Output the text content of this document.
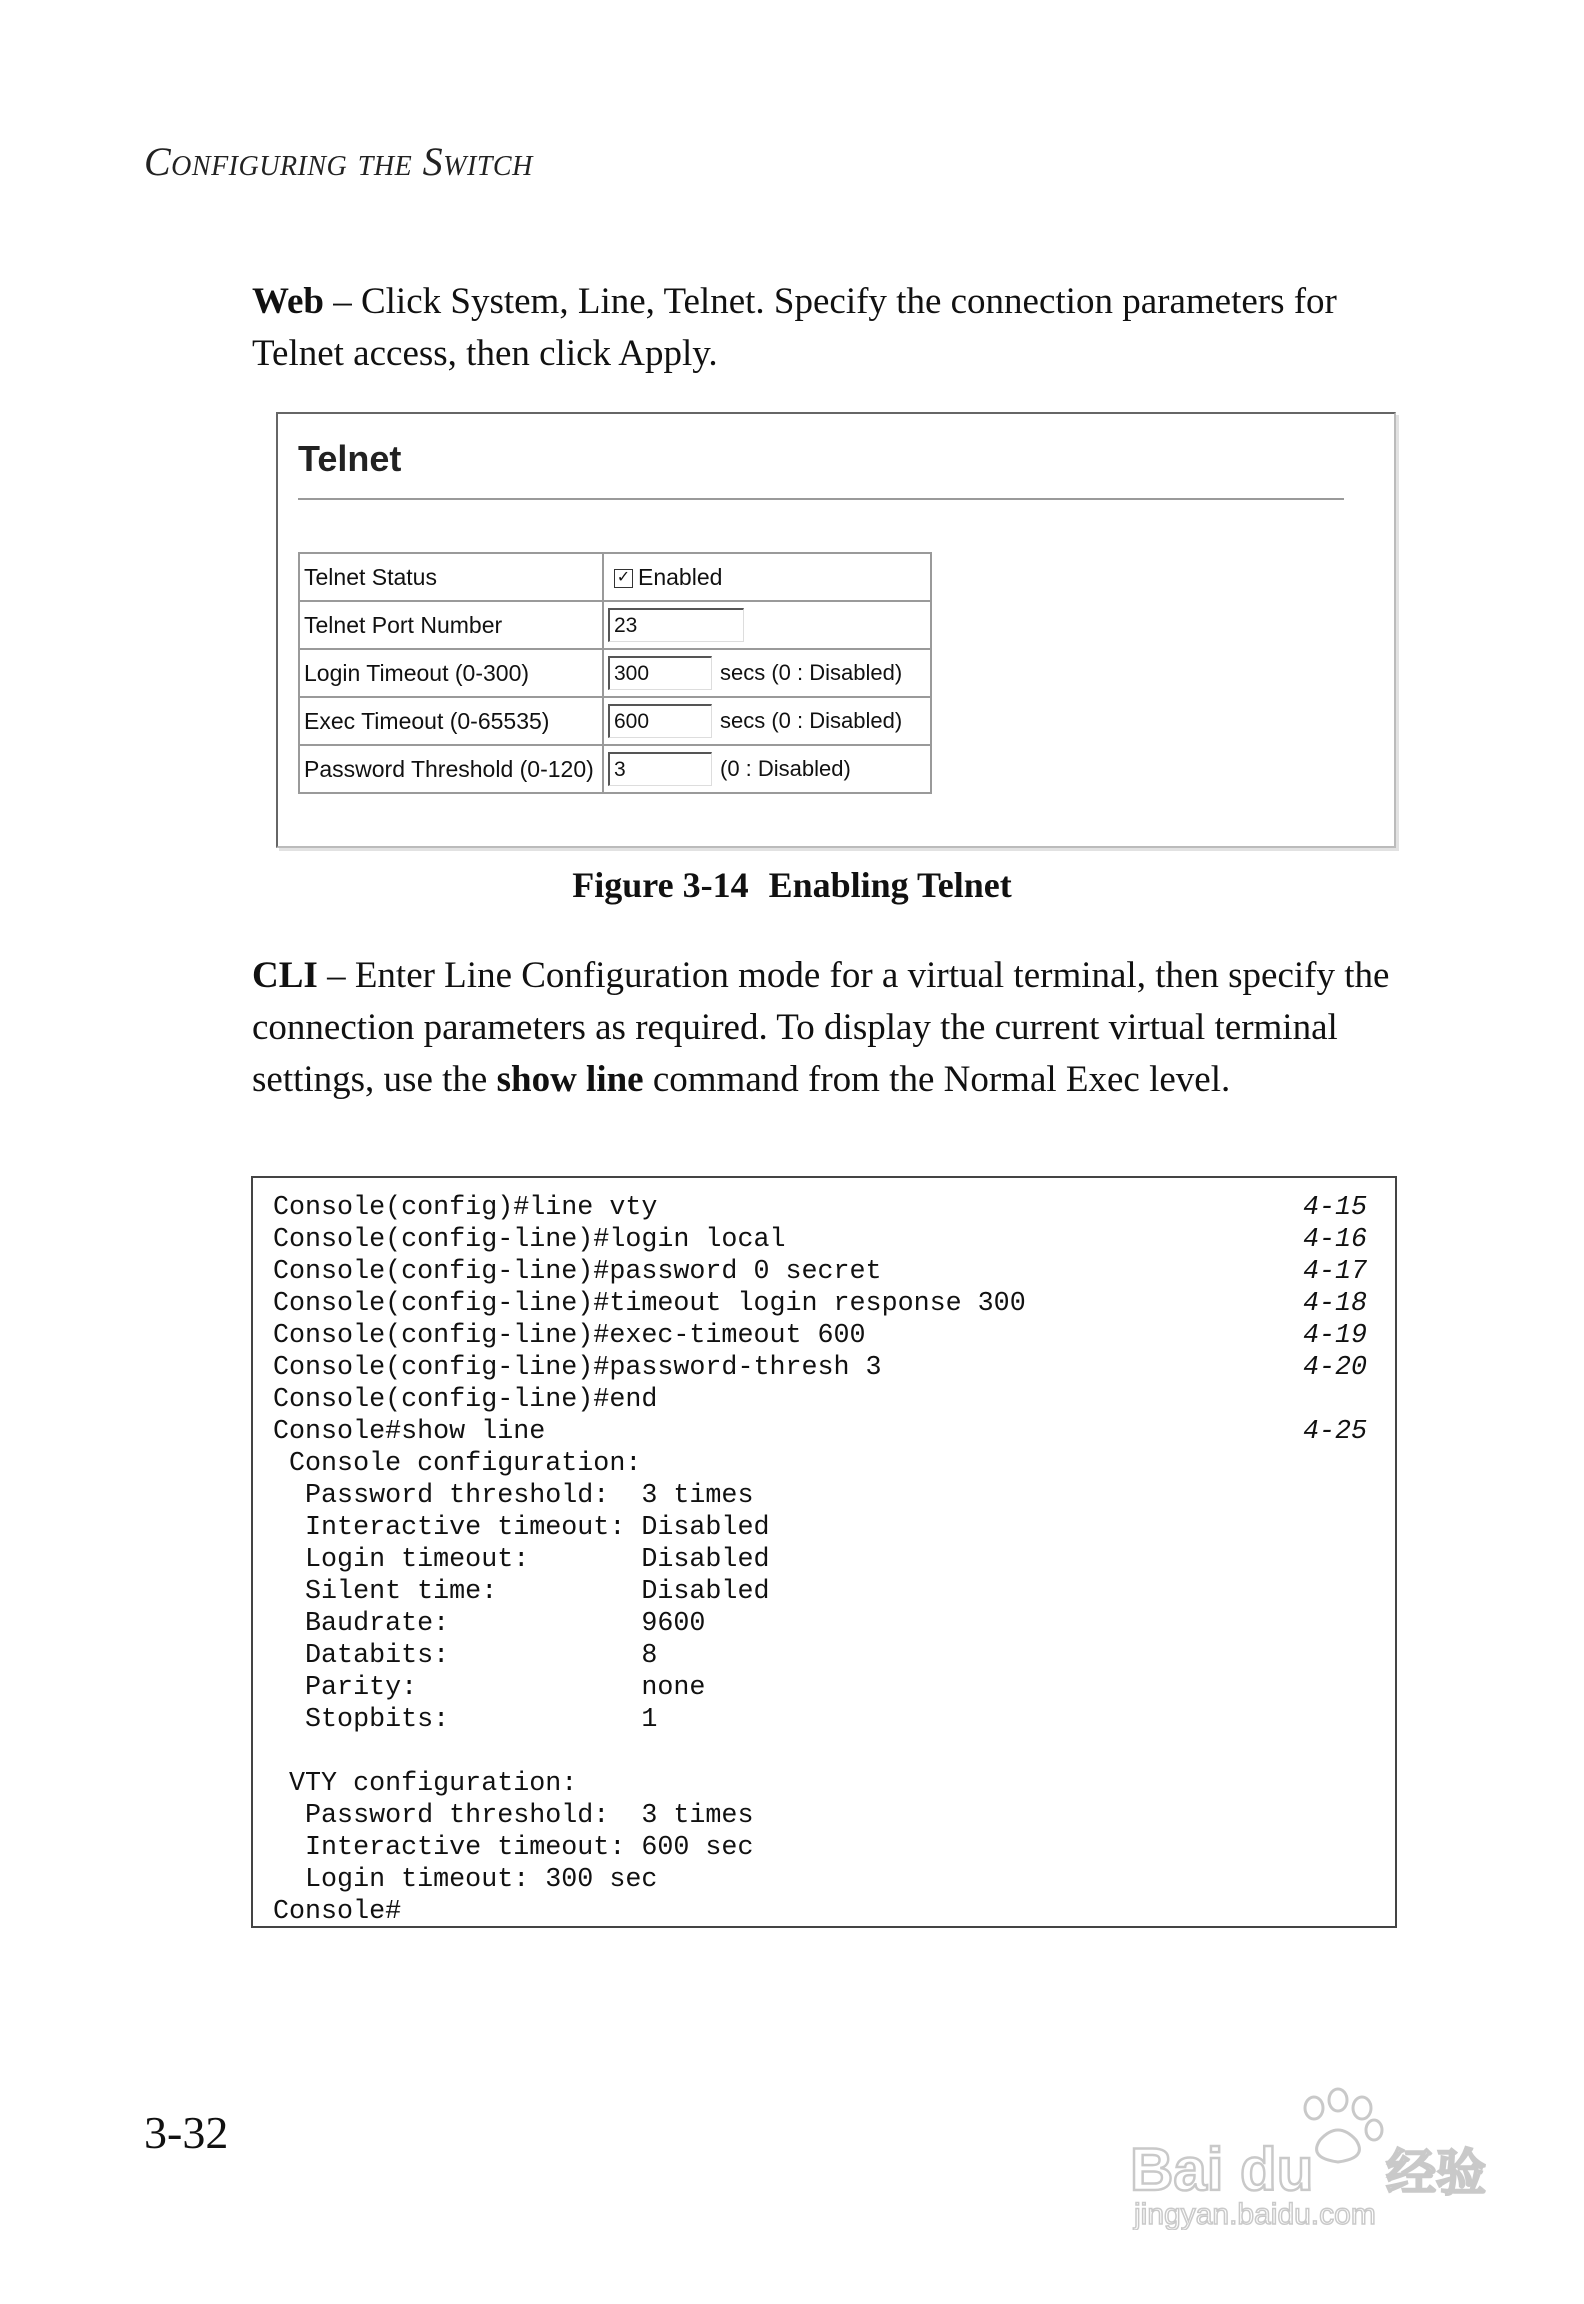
Configuring the Switch
Web – Click System, Line, Telnet. Specify the connection parameters for Telnet access, then click Apply.
Telnet
Telnet Status	✓ Enabled
Telnet Port Number	23
Login Timeout (0-300)	300secs (0 : Disabled)
Exec Timeout (0-65535)	600secs (0 : Disabled)
Password Threshold (0-120)	3(0 : Disabled)
Figure 3-14 Enabling Telnet
CLI – Enter Line Configuration mode for a virtual terminal, then specify the connection parameters as required. To display the current virtual terminal settings, use the show line command from the Normal Exec level.
Console(config)#line vty	4-15
Console(config-line)#login local	4-16
Console(config-line)#password 0 secret	4-17
Console(config-line)#timeout login response 300	4-18
Console(config-line)#exec-timeout 600	4-19
Console(config-line)#password-thresh 3	4-20
Console(config-line)#end
Console#show line	4-25
Console configuration:
Password threshold:  3 times
Interactive timeout: Disabled
Login timeout:       Disabled
Silent time:         Disabled
Baudrate:            9600
Databits:            8
Parity:              none
Stopbits:            1
VTY configuration:
Password threshold:  3 times
Interactive timeout: 600 sec
Login timeout: 300 sec
Console#
3-32
Bai du 经验
jingyan.baidu.com
